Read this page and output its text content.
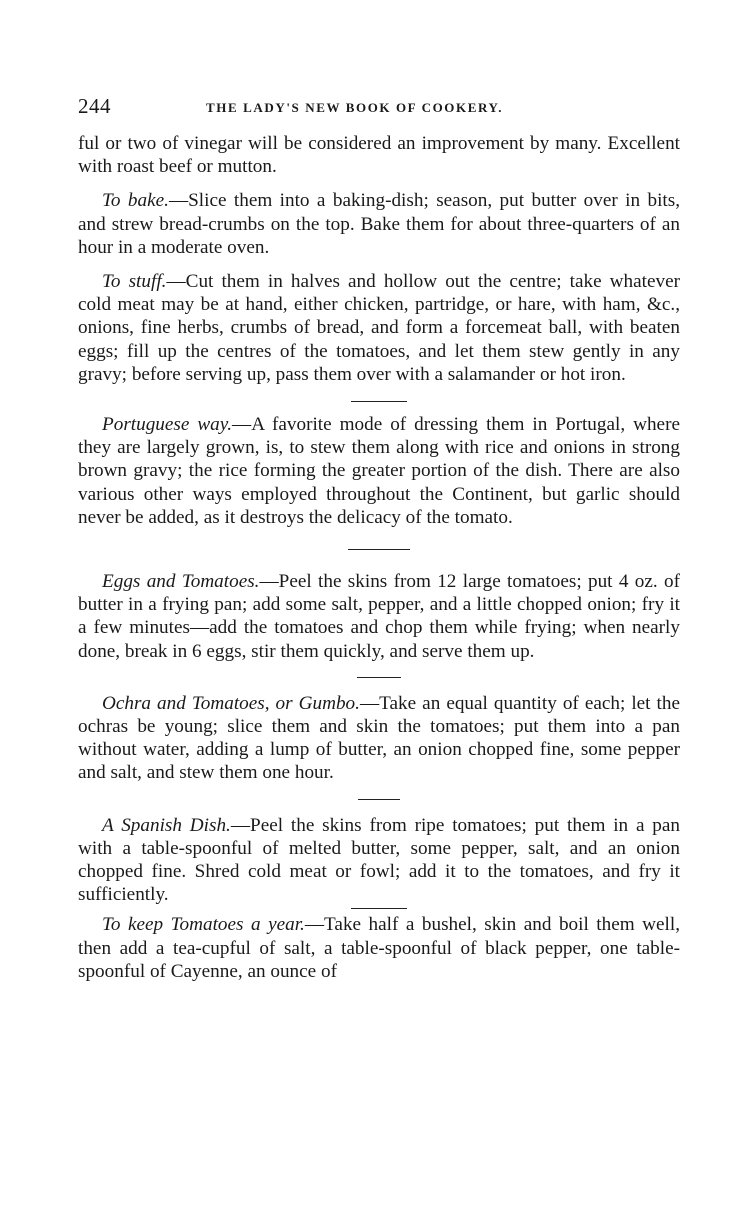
244	THE LADY'S NEW BOOK OF COOKERY.

ful or two of vinegar will be considered an improvement by many. Excellent with roast beef or mutton.

To bake.—Slice them into a baking-dish; season, put butter over in bits, and strew bread-crumbs on the top. Bake them for about three-quarters of an hour in a moderate oven.

To stuff.—Cut them in halves and hollow out the centre; take whatever cold meat may be at hand, either chicken, partridge, or hare, with ham, &c., onions, fine herbs, crumbs of bread, and form a forcemeat ball, with beaten eggs; fill up the centres of the tomatoes, and let them stew gently in any gravy; before serving up, pass them over with a salamander or hot iron.

Portuguese way.—A favorite mode of dressing them in Portugal, where they are largely grown, is, to stew them along with rice and onions in strong brown gravy; the rice forming the greater portion of the dish. There are also various other ways employed throughout the Continent, but garlic should never be added, as it destroys the delicacy of the tomato.

Eggs and Tomatoes.—Peel the skins from 12 large tomatoes; put 4 oz. of butter in a frying pan; add some salt, pepper, and a little chopped onion; fry it a few minutes—add the tomatoes and chop them while frying; when nearly done, break in 6 eggs, stir them quickly, and serve them up.

Ochra and Tomatoes, or Gumbo.—Take an equal quantity of each; let the ochras be young; slice them and skin the tomatoes; put them into a pan without water, adding a lump of butter, an onion chopped fine, some pepper and salt, and stew them one hour.

A Spanish Dish.—Peel the skins from ripe tomatoes; put them in a pan with a table-spoonful of melted butter, some pepper, salt, and an onion chopped fine. Shred cold meat or fowl; add it to the tomatoes, and fry it sufficiently.

To keep Tomatoes a year.—Take half a bushel, skin and boil them well, then add a tea-cupful of salt, a table-spoonful of black pepper, one table-spoonful of Cayenne, an ounce of
